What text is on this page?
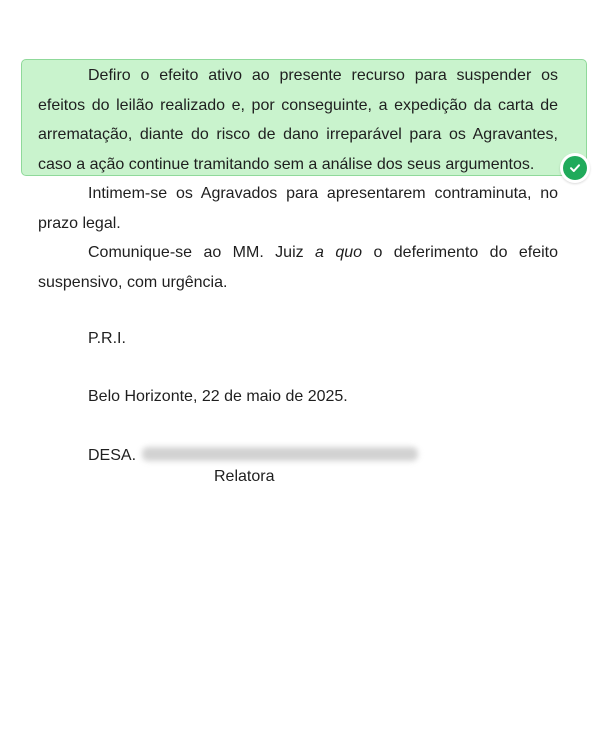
Defiro o efeito ativo ao presente recurso para suspender os efeitos do leilão realizado e, por conseguinte, a expedição da carta de arrematação, diante do risco de dano irreparável para os Agravantes, caso a ação continue tramitando sem a análise dos seus argumentos.

Intimem-se os Agravados para apresentarem contraminuta, no prazo legal.

Comunique-se ao MM. Juiz a quo o deferimento do efeito suspensivo, com urgência.

P.R.I.

Belo Horizonte, 22 de maio de 2025.

DESA.

Relatora
